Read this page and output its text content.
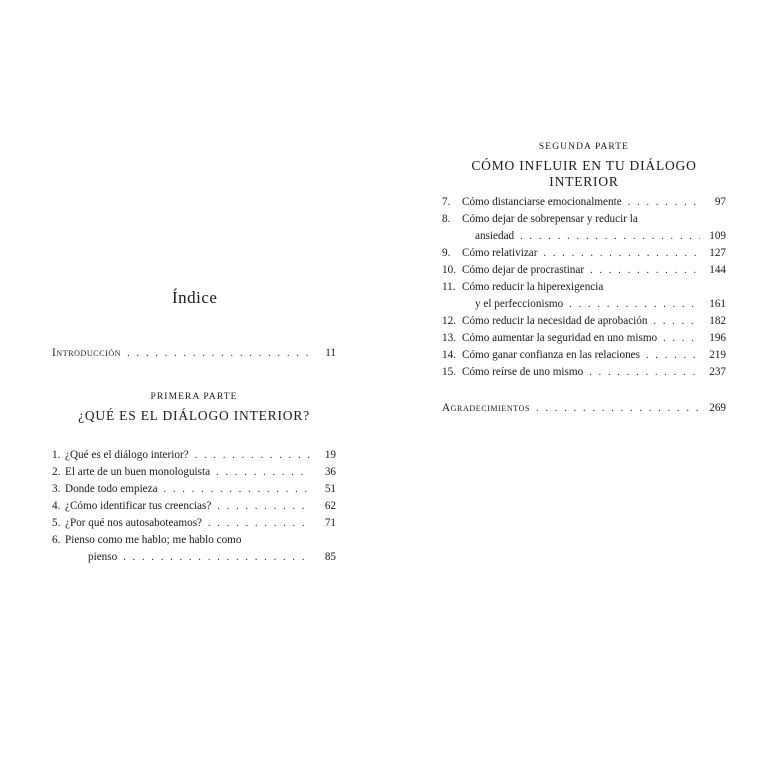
Índice
Introducción . . .	11
PRIMERA PARTE
¿QUÉ ES EL DIÁLOGO INTERIOR?
1. ¿Qué es el diálogo interior? . . .	19
2. El arte de un buen monologuista . . .	36
3. Donde todo empieza . . .	51
4. ¿Cómo identificar tus creencias? . . .	62
5. ¿Por qué nos autosaboteamos? . . .	71
6. Pienso como me hablo; me hablo como
pienso . . .	85
SEGUNDA PARTE
CÓMO INFLUIR EN TU DIÁLOGO INTERIOR
7.	Cómo distanciarse emocionalmente . . .	97
8. Cómo dejar de sobrepensar y reducir la
ansiedad . . .	109
9.	Cómo relativizar . . .	127
10. Cómo dejar de procrastinar . . .	144
11. Cómo reducir la hiperexigencia
y el perfeccionismo . . .	161
12. Cómo reducir la necesidad de aprobación . . .	182
13. Cómo aumentar la seguridad en uno mismo . . .	196
14. Cómo ganar confianza en las relaciones . . .	219
15. Cómo reírse de uno mismo . . .	237
Agradecimientos . . .	269
